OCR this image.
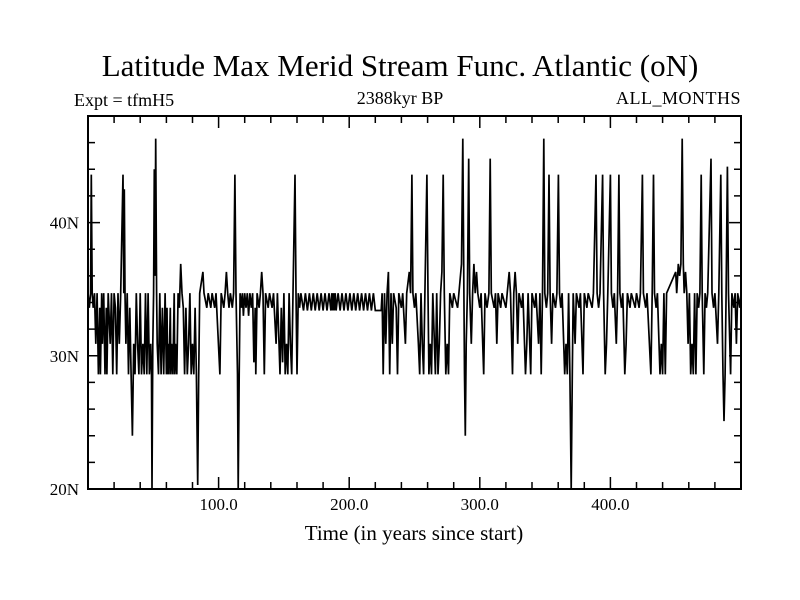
Latitude Max Merid Stream Func. Atlantic (oN)
Expt = tfmH5	2388kyr BP	ALL_MONTHS
Time (in years since start)
100.0	200.0	300.0	400.0
20N
30N
40N
